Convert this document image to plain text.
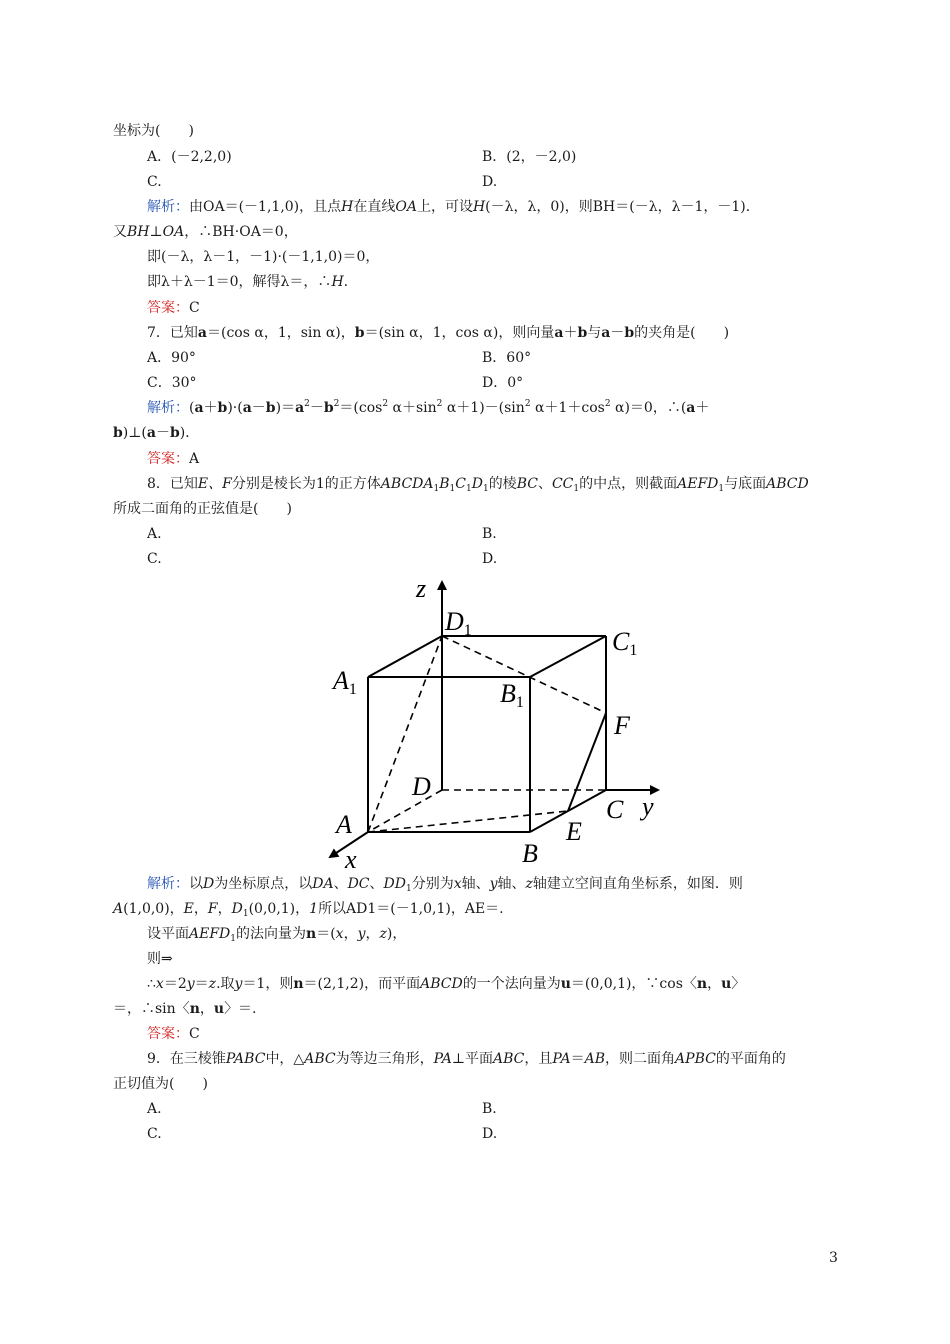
坐标为(　　)
A．(－2,2,0)	B．(2，－2,0)
C.	D.
解析：由OA＝(－1,1,0)，且点H在直线OA上，可设H(－λ，λ，0)，则BH＝(－λ，λ－1，－1)．
又BH⊥OA，∴BH·OA＝0，
即(－λ，λ－1，－1)·(－1,1,0)＝0，
即λ＋λ－1＝0，解得λ＝，∴H.
答案：C
7．已知a＝(cos α，1，sin α)，b＝(sin α，1，cos α)，则向量a＋b与a－b的夹角是(　　)
A．90°	B．60°
C．30°	D．0°
解析：$(a+b)\cdot(a-b)=a^2-b^2=(\cos^2$ $\alpha+\sin^2$ $\alpha+1)-(\sin^2$ $\alpha+1+\cos^2$ α)＝0，∴(a＋
b)⊥(a－b)．
答案：A
8．已知E、F分别是棱长为1的正方体$ABCDA_1B_1C_1D_1$的棱BC、$CC_1$的中点，则截面$AEFD_1$与底面ABCD
所成二面角的正弦值是(　　)
A.	B.
C.	D.
z
y
x
D1	C1
A1	B1
F
D
C
A	E
B
解析：以D为坐标原点，以DA、DC、$DD_1$分别为x轴、y轴、z轴建立空间直角坐标系，如图．则
A(1,0,0)，E，F，$D_1(0,0,1)$，1所以AD1＝(－1,0,1)，AE＝.
设平面$AEFD_1$的法向量为n＝(x，y，z)，
则⇒
∴x＝2y＝z.取y＝1，则n＝(2,1,2)，而平面ABCD的一个法向量为u＝(0,0,1)，∵cos〈n，u〉
＝，∴sin〈n，u〉＝.
答案：C
9．在三棱锥PABC中，△ABC为等边三角形，PA⊥平面ABC，且PA＝AB，则二面角APBC的平面角的
正切值为(　　)
A.	B.
C.	D.
3
